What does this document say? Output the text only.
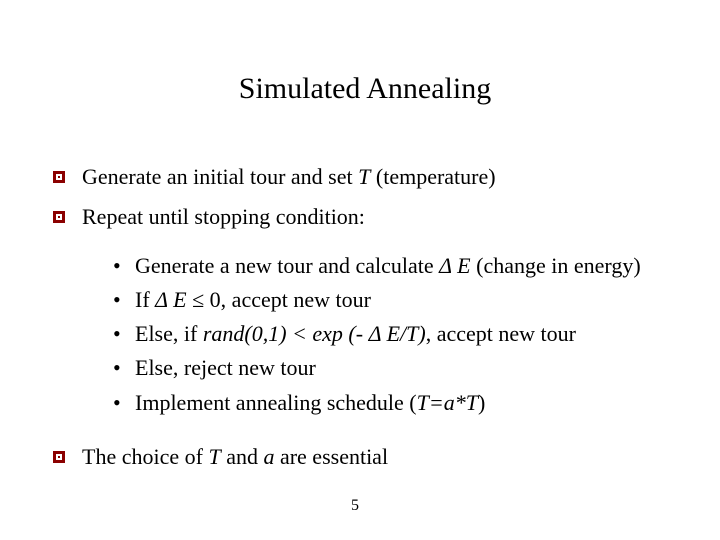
Simulated Annealing
Generate an initial tour and set T (temperature)
Repeat until stopping condition:
• Generate a new tour and calculate Δ E (change in energy)
• If Δ E ≤ 0, accept new tour
• Else, if rand(0,1) < exp (- Δ E/T), accept new tour
• Else, reject new tour
• Implement annealing schedule (T=a*T)
The choice of T and a are essential
5
